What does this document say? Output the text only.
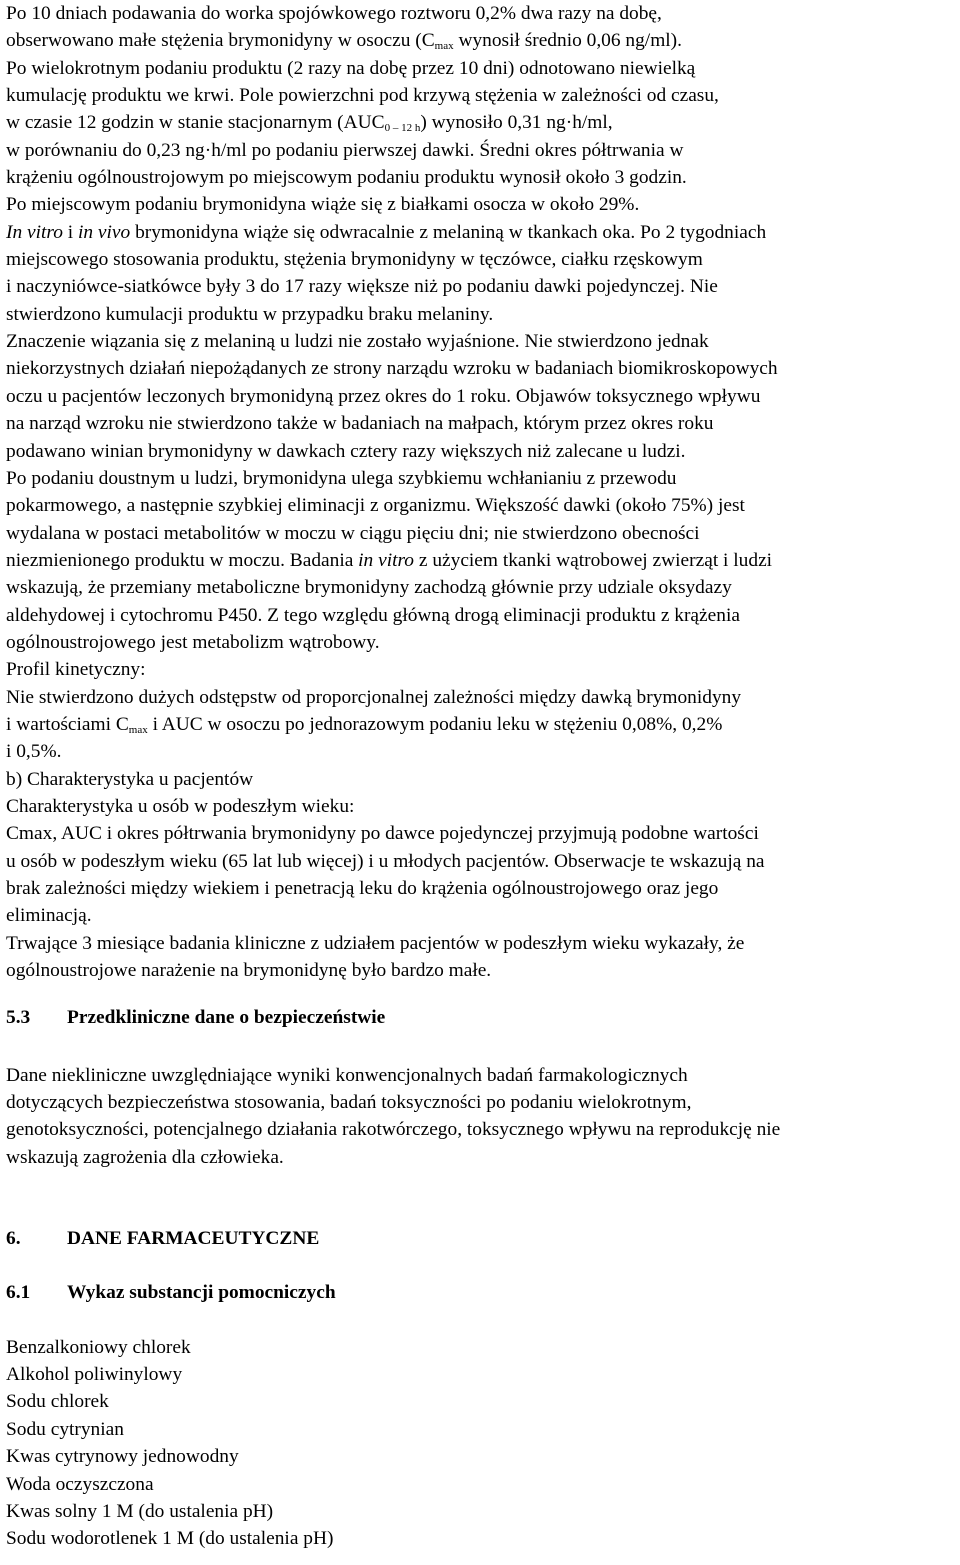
Po 10 dniach podawania do worka spojówkowego roztworu 0,2% dwa razy na dobę,
obserwowano małe stężenia brymonidyny w osoczu ($C_{max}$ wynosił średnio 0,06 ng/ml).
Po wielokrotnym podaniu produktu (2 razy na dobę przez 10 dni) odnotowano niewielką
kumulację produktu we krwi. Pole powierzchni pod krzywą stężenia w zależności od czasu,
w czasie 12 godzin w stanie stacjonarnym $(AUC_{0 - 12 h})$ wynosiło 0,31 ng·h/ml,
w porównaniu do 0,23 ng·h/ml po podaniu pierwszej dawki. Średni okres półtrwania w
krążeniu ogólnoustrojowym po miejscowym podaniu produktu wynosił około 3 godzin.
Po miejscowym podaniu brymonidyna wiąże się z białkami osocza w około 29%.
In vitro i in vivo brymonidyna wiąże się odwracalnie z melaniną w tkankach oka. Po 2 tygodniach
miejscowego stosowania produktu, stężenia brymonidyny w tęczówce, ciałku rzęskowym
i naczyniówce-siatkówce były 3 do 17 razy większe niż po podaniu dawki pojedynczej. Nie
stwierdzono kumulacji produktu w przypadku braku melaniny.
Znaczenie wiązania się z melaniną u ludzi nie zostało wyjaśnione. Nie stwierdzono jednak
niekorzystnych działań niepożądanych ze strony narządu wzroku w badaniach biomikroskopowych
oczu u pacjentów leczonych brymonidyną przez okres do 1 roku. Objawów toksycznego wpływu
na narząd wzroku nie stwierdzono także w badaniach na małpach, którym przez okres roku
podawano winian brymonidyny w dawkach cztery razy większych niż zalecane u ludzi.
Po podaniu doustnym u ludzi, brymonidyna ulega szybkiemu wchłanianiu z przewodu
pokarmowego, a następnie szybkiej eliminacji z organizmu. Większość dawki (około 75%) jest
wydalana w postaci metabolitów w moczu w ciągu pięciu dni; nie stwierdzono obecności
niezmienionego produktu w moczu. Badania in vitro z użyciem tkanki wątrobowej zwierząt i ludzi
wskazują, że przemiany metaboliczne brymonidyny zachodzą głównie przy udziale oksydazy
aldehydowej i cytochromu P450. Z tego względu główną drogą eliminacji produktu z krążenia
ogólnoustrojowego jest metabolizm wątrobowy.
Profil kinetyczny:
Nie stwierdzono dużych odstępstw od proporcjonalnej zależności między dawką brymonidyny
i wartościami $C_{max}$ i AUC w osoczu po jednorazowym podaniu leku w stężeniu 0,08%, 0,2%
i 0,5%.
b) Charakterystyka u pacjentów
Charakterystyka u osób w podeszłym wieku:
Cmax, AUC i okres półtrwania brymonidyny po dawce pojedynczej przyjmują podobne wartości
u osób w podeszłym wieku (65 lat lub więcej) i u młodych pacjentów. Obserwacje te wskazują na
brak zależności między wiekiem i penetracją leku do krążenia ogólnoustrojowego oraz jego
eliminacją.
Trwające 3 miesiące badania kliniczne z udziałem pacjentów w podeszłym wieku wykazały, że
ogólnoustrojowe narażenie na brymonidynę było bardzo małe.
5.3 Przedkliniczne dane o bezpieczeństwie
Dane niekliniczne uwzględniające wyniki konwencjonalnych badań farmakologicznych
dotyczących bezpieczeństwa stosowania, badań toksyczności po podaniu wielokrotnym,
genotoksyczności, potencjalnego działania rakotwórczego, toksycznego wpływu na reprodukcję nie
wskazują zagrożenia dla człowieka.
6. DANE FARMACEUTYCZNE
6.1 Wykaz substancji pomocniczych
Benzalkoniowy chlorek
Alkohol poliwinylowy
Sodu chlorek
Sodu cytrynian
Kwas cytrynowy jednowodny
Woda oczyszczona
Kwas solny 1 M (do ustalenia pH)
Sodu wodorotlenek 1 M (do ustalenia pH)
